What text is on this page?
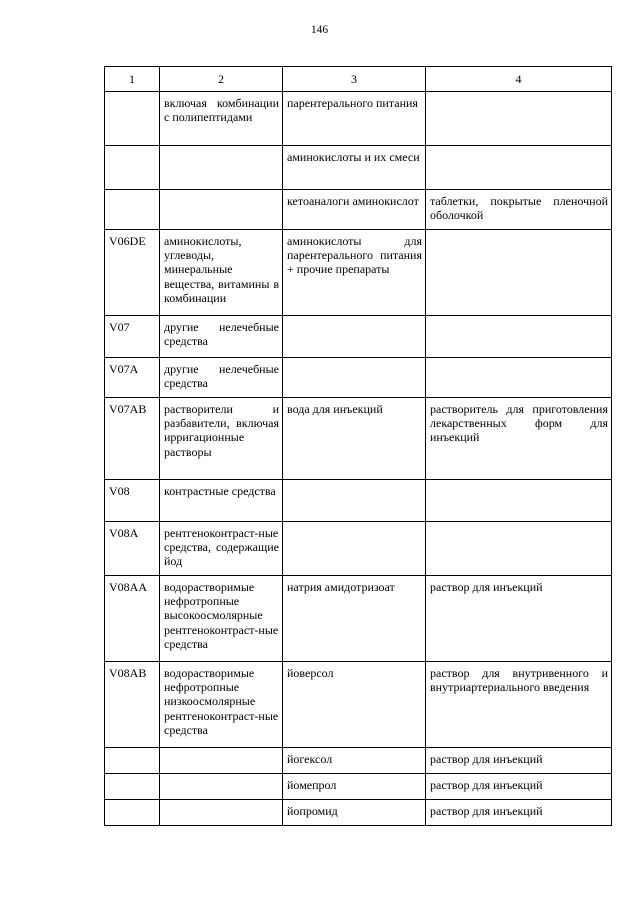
146
1	2	3	4
	включая комбинации с полипептидами	парентерального питания	
		аминокислоты и их смеси	
		кетоаналоги аминокислот	таблетки, покрытые пленочной оболочкой
V06DE	аминокислоты, углеводы, минеральные вещества, витамины в комбинации	аминокислоты для парентерального питания + прочие препараты	
V07	другие нелечебные средства		
V07A	другие нелечебные средства		
V07AB	растворители и разбавители, включая ирригационные растворы	вода для инъекций	растворитель для приготовления лекарственных форм для инъекций
V08	контрастные средства		
V08A	рентгеноконтраст-ные средства, содержащие йод		
V08AA	водорастворимые нефротропные высокоосмолярные рентгеноконтраст-ные средства	натрия амидотризоат	раствор для инъекций
V08AB	водорастворимые нефротропные низкоосмолярные рентгеноконтраст-ные средства	йоверсол	раствор для внутривенного и внутриартериального введения
		йогексол	раствор для инъекций
		йомепрол	раствор для инъекций
		йопромид	раствор для инъекций
